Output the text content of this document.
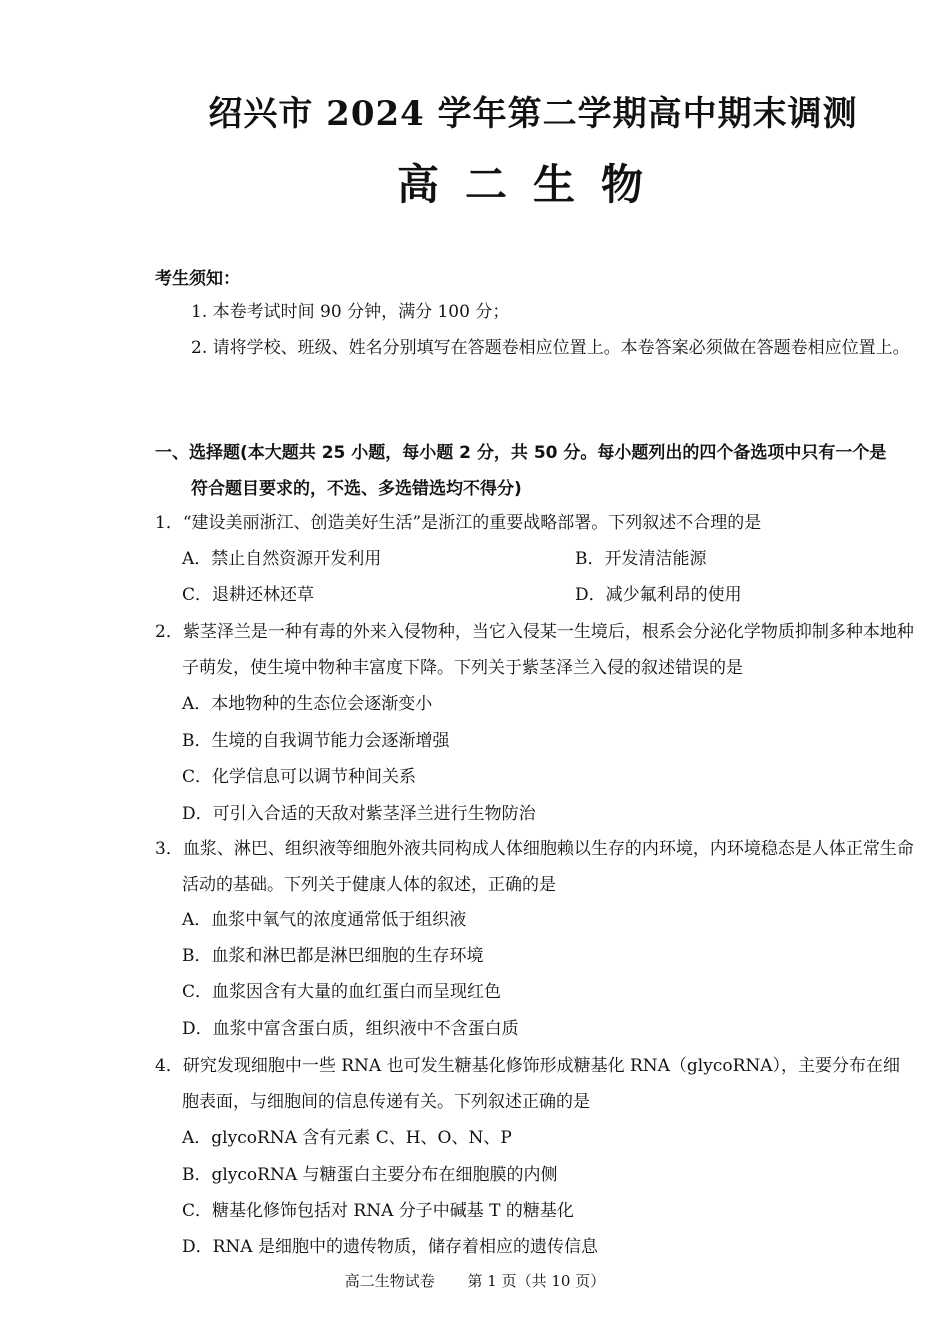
绍兴市 2024 学年第二学期高中期末调测
高二生物
考生须知：
1. 本卷考试时间 90 分钟，满分 100 分；
2. 请将学校、班级、姓名分别填写在答题卷相应位置上。本卷答案必须做在答题卷相应位置上。
一、选择题(本大题共 25 小题，每小题 2 分，共 50 分。每小题列出的四个备选项中只有一个是
符合题目要求的，不选、多选错选均不得分)
1．“建设美丽浙江、创造美好生活”是浙江的重要战略部署。下列叙述不合理的是
A．禁止自然资源开发利用	B．开发清洁能源
C．退耕还林还草	D．减少氟利昂的使用
2．紫茎泽兰是一种有毒的外来入侵物种，当它入侵某一生境后，根系会分泌化学物质抑制多种本地种子萌发，使生境中物种丰富度下降。下列关于紫茎泽兰入侵的叙述错误的是
A．本地物种的生态位会逐渐变小
B．生境的自我调节能力会逐渐增强
C．化学信息可以调节种间关系
D．可引入合适的天敌对紫茎泽兰进行生物防治
3．血浆、淋巴、组织液等细胞外液共同构成人体细胞赖以生存的内环境，内环境稳态是人体正常生命活动的基础。下列关于健康人体的叙述，正确的是
A．血浆中氧气的浓度通常低于组织液
B．血浆和淋巴都是淋巴细胞的生存环境
C．血浆因含有大量的血红蛋白而呈现红色
D．血浆中富含蛋白质，组织液中不含蛋白质
4．研究发现细胞中一些 RNA 也可发生糖基化修饰形成糖基化 RNA（glycoRNA），主要分布在细胞表面，与细胞间的信息传递有关。下列叙述正确的是
A．glycoRNA 含有元素 C、H、O、N、P
B．glycoRNA 与糖蛋白主要分布在细胞膜的内侧
C．糖基化修饰包括对 RNA 分子中碱基 T 的糖基化
D．RNA 是细胞中的遗传物质，储存着相应的遗传信息
高二生物试卷 第 1 页（共 10 页）
